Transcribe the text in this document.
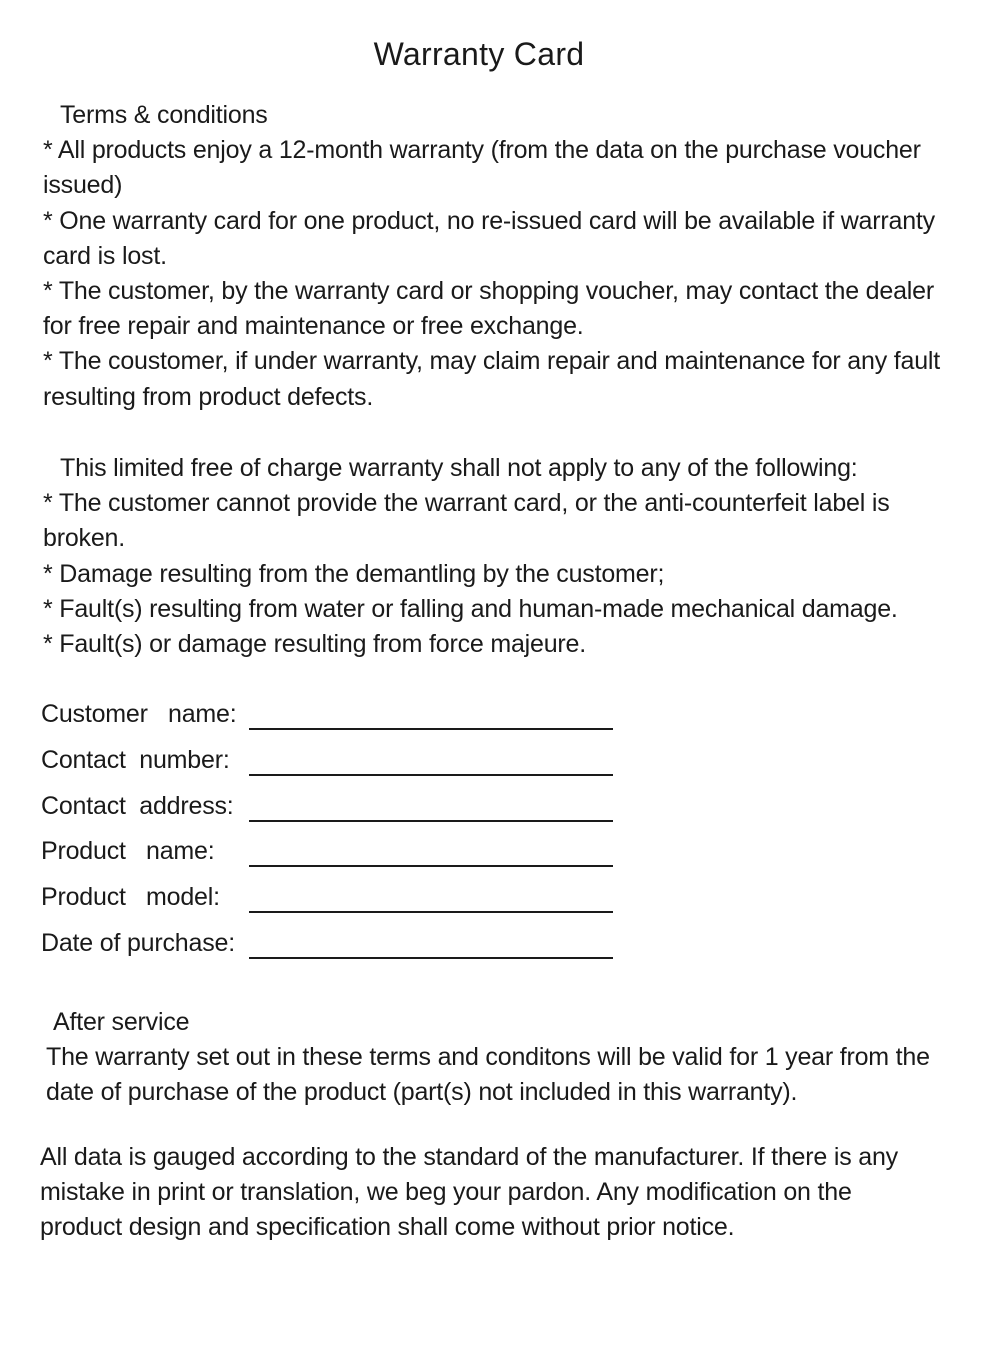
Warranty Card

Terms & conditions

* All products enjoy a 12-month warranty (from the data on the purchase voucher issued)

* One warranty card for one product, no re-issued card will be available if warranty card is lost.

* The customer, by the warranty card or shopping voucher, may contact the dealer for free repair and maintenance or free exchange.

* The coustomer, if under warranty, may claim repair and maintenance for any fault resulting from product defects.

This limited free of charge warranty shall not apply to any of the following:

* The customer cannot provide the warrant card, or the anti-counterfeit label is broken.

* Damage resulting from the demantling by the customer;

* Fault(s) resulting from water or falling and human-made mechanical damage.

* Fault(s) or damage resulting from force majeure.

Customer   name:
Contact  number:
Contact  address:
Product   name:
Product   model:
Date of purchase:

After service

The warranty set out in these terms and conditons will be valid for 1 year from the date of purchase of the product (part(s) not included in this warranty).

All data is gauged according to the standard of the manufacturer. If there is any mistake in print or translation, we beg your pardon. Any modification on the product design and specification shall come without prior notice.
